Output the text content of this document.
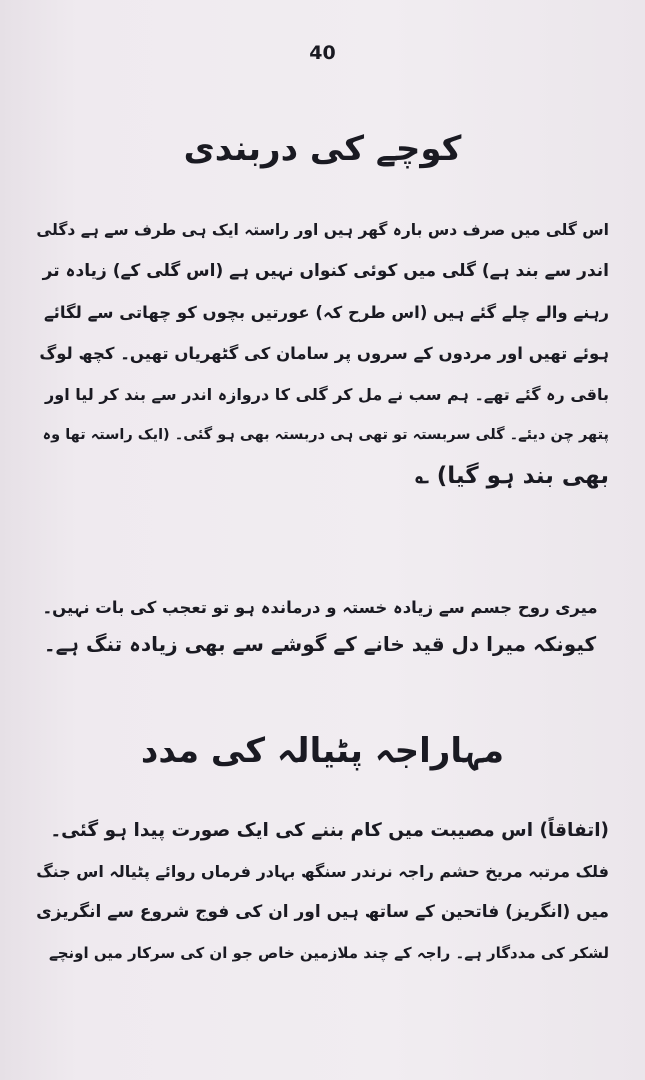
40
کوچے کی دربندی
اس گلی میں صرف دس بارہ گھر ہیں اور راستہ ایک ہی طرف سے ہے دگلی
اندر سے بند ہے) گلی میں کوئی کنواں نہیں ہے (اس گلی کے) زیادہ تر
رہنے والے چلے گئے ہیں (اس طرح کہ) عورتیں بچوں کو چھاتی سے لگائے
ہوئے تھیں اور مردوں کے سروں پر سامان کی گٹھریاں تھیں۔ کچھ لوگ
باقی رہ گئے تھے۔ ہم سب نے مل کر گلی کا دروازہ اندر سے بند کر لیا اور
پتھر چن دیئے۔ گلی سربستہ تو تھی ہی دربستہ بھی ہو گئی۔ (ایک راستہ تھا وہ
بھی بند ہو گیا) ؎
میری روح جسم سے زیادہ خستہ و درماندہ ہو تو تعجب کی بات نہیں۔
کیونکہ میرا دل قید خانے کے گوشے سے بھی زیادہ تنگ ہے۔
مہاراجہ پٹیالہ کی مدد
(اتفاقاً) اس مصیبت میں کام بننے کی ایک صورت پیدا ہو گئی۔
فلک مرتبہ مریخ حشم راجہ نرندر سنگھ بہادر فرماں روائے پٹیالہ اس جنگ
میں (انگریز) فاتحین کے ساتھ ہیں اور ان کی فوج شروع سے انگریزی
لشکر کی مددگار ہے۔ راجہ کے چند ملازمین خاص جو ان کی سرکار میں اونچے
